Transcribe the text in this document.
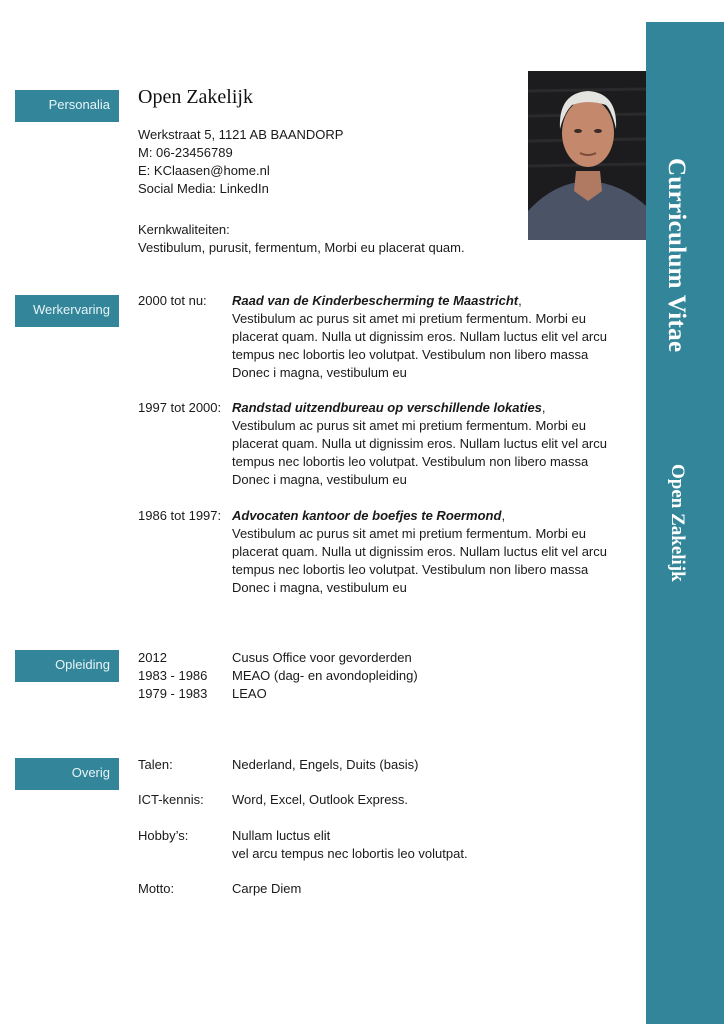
Curriculum Vitae
Open Zakelijk
Personalia	Open Zakelijk
Werkstraat 5, 1121 AB BAANDORP
M: 06-23456789
E: KClaasen@home.nl
Social Media: LinkedIn
Kernkwaliteiten:
Vestibulum, purusit, fermentum, Morbi eu placerat quam.
Werkervaring
2000 tot nu: Raad van de Kinderbescherming te Maastricht,
Vestibulum ac purus sit amet mi pretium fermentum. Morbi eu
placerat quam. Nulla ut dignissim eros. Nullam luctus elit vel arcu
tempus nec lobortis leo volutpat. Vestibulum non libero massa
Donec i magna, vestibulum eu
1997 tot 2000: Randstad uitzendbureau op verschillende lokaties,
Vestibulum ac purus sit amet mi pretium fermentum. Morbi eu
placerat quam. Nulla ut dignissim eros. Nullam luctus elit vel arcu
tempus nec lobortis leo volutpat. Vestibulum non libero massa
Donec i magna, vestibulum eu
1986 tot 1997: Advocaten kantoor de boefjes te Roermond,
Vestibulum ac purus sit amet mi pretium fermentum. Morbi eu
placerat quam. Nulla ut dignissim eros. Nullam luctus elit vel arcu
tempus nec lobortis leo volutpat. Vestibulum non libero massa
Donec i magna, vestibulum eu
Opleiding	2012	Cusus Office voor gevorderden
1983 - 1986 MEAO (dag- en avondopleiding)
1979 - 1983 LEAO
Overig
Talen:	Nederland, Engels, Duits (basis)
ICT-kennis: Word, Excel, Outlook Express.
Hobby’s:	Nullam luctus elit
vel arcu tempus nec lobortis leo volutpat.
Motto:	Carpe Diem
